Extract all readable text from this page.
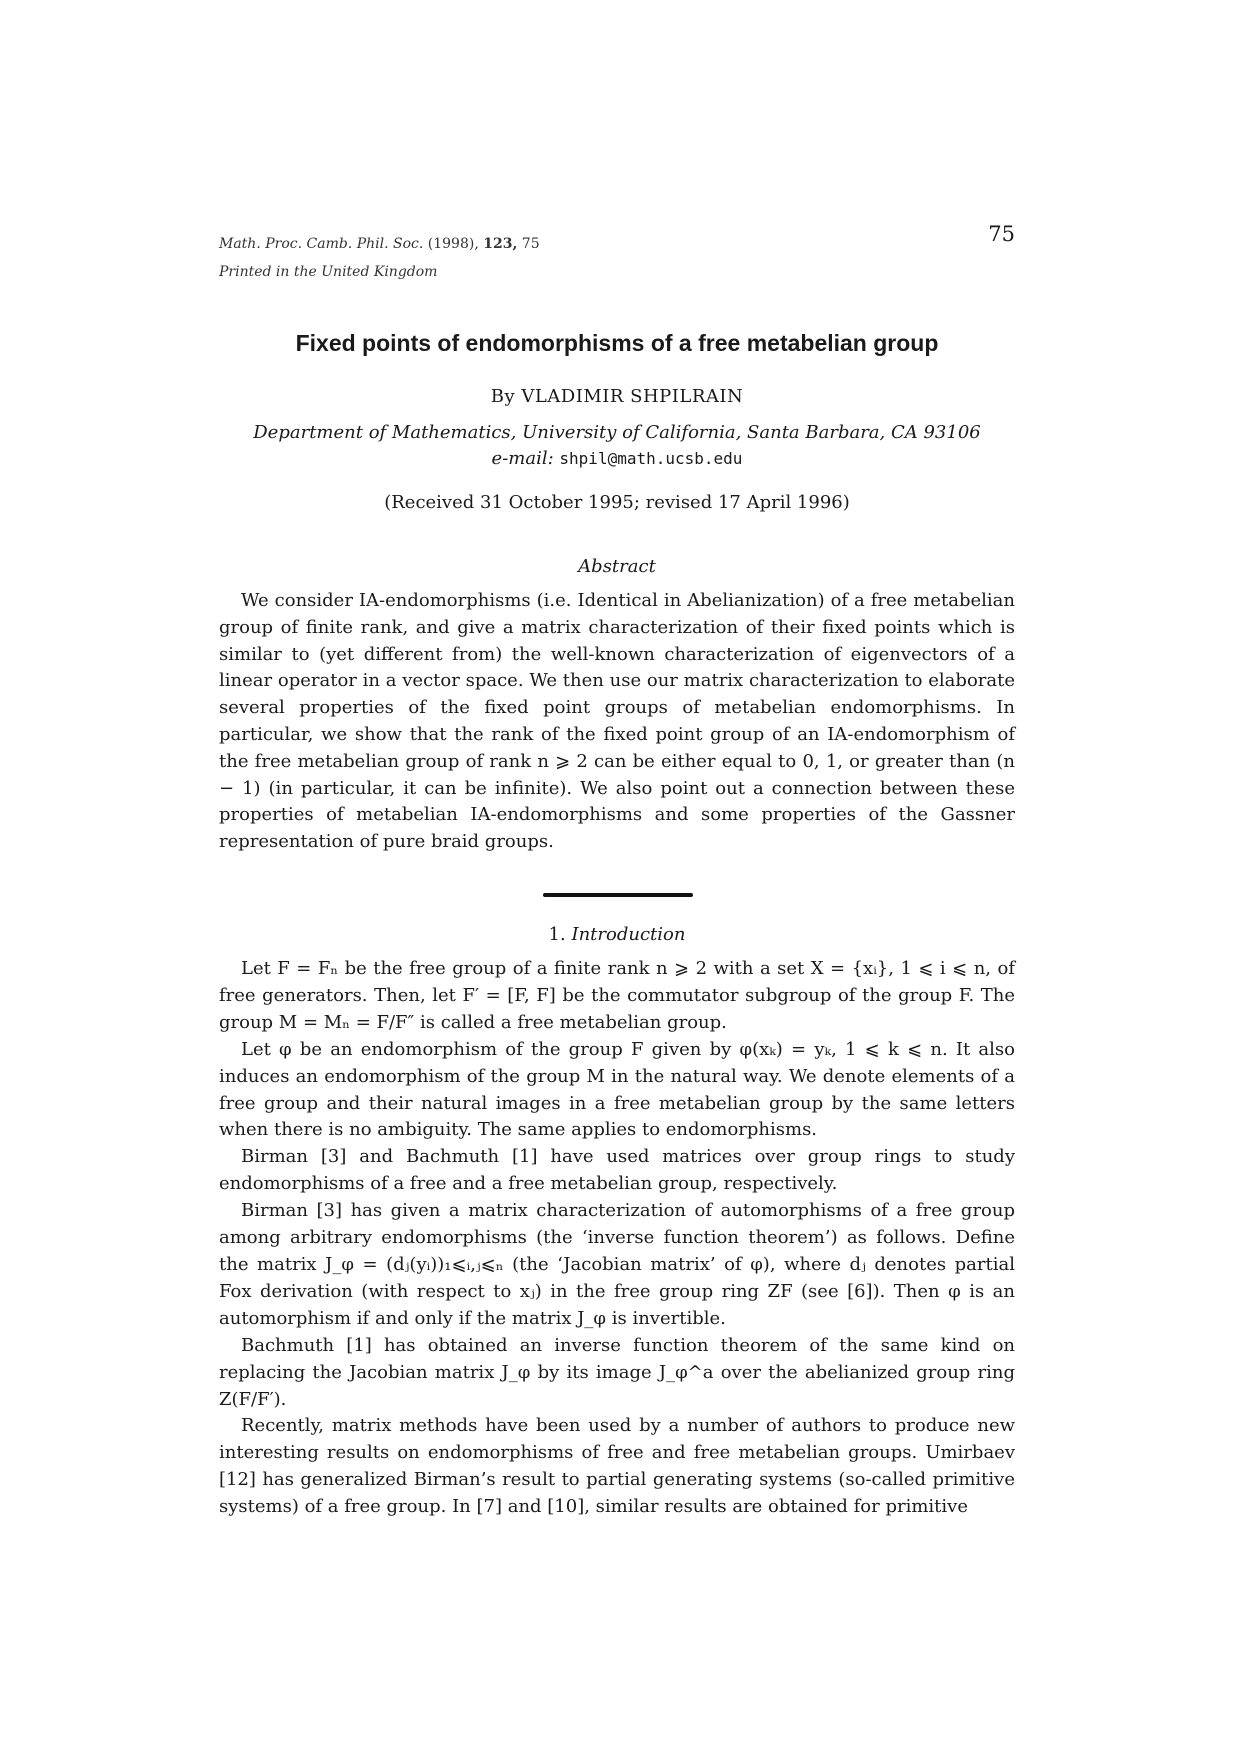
Math. Proc. Camb. Phil. Soc. (1998), 123, 75
Printed in the United Kingdom
75
Fixed points of endomorphisms of a free metabelian group
By VLADIMIR SHPILRAIN
Department of Mathematics, University of California, Santa Barbara, CA 93106
e-mail: shpil@math.ucsb.edu
(Received 31 October 1995; revised 17 April 1996)
Abstract

We consider IA-endomorphisms (i.e. Identical in Abelianization) of a free metabelian group of finite rank, and give a matrix characterization of their fixed points which is similar to (yet different from) the well-known characterization of eigenvectors of a linear operator in a vector space. We then use our matrix characterization to elaborate several properties of the fixed point groups of metabelian endomorphisms. In particular, we show that the rank of the fixed point group of an IA-endomorphism of the free metabelian group of rank n ⩾ 2 can be either equal to 0, 1, or greater than (n − 1) (in particular, it can be infinite). We also point out a connection between these properties of metabelian IA-endomorphisms and some properties of the Gassner representation of pure braid groups.

1. Introduction

Let F = Fₙ be the free group of a finite rank n ⩾ 2 with a set X = {xᵢ}, 1 ⩽ i ⩽ n, of free generators. Then, let F′ = [F, F] be the commutator subgroup of the group F. The group M = Mₙ = F/F″ is called a free metabelian group.

Let φ be an endomorphism of the group F given by φ(xₖ) = yₖ, 1 ⩽ k ⩽ n. It also induces an endomorphism of the group M in the natural way. We denote elements of a free group and their natural images in a free metabelian group by the same letters when there is no ambiguity. The same applies to endomorphisms.

Birman [3] and Bachmuth [1] have used matrices over group rings to study endomorphisms of a free and a free metabelian group, respectively.

Birman [3] has given a matrix characterization of automorphisms of a free group among arbitrary endomorphisms (the ‘inverse function theorem’) as follows. Define the matrix J_φ = (dⱼ(yᵢ))₁⩽ᵢ,ⱼ⩽ₙ (the ‘Jacobian matrix’ of φ), where dⱼ denotes partial Fox derivation (with respect to xⱼ) in the free group ring ZF (see [6]). Then φ is an automorphism if and only if the matrix J_φ is invertible.

Bachmuth [1] has obtained an inverse function theorem of the same kind on replacing the Jacobian matrix J_φ by its image J_φ^a over the abelianized group ring Z(F/F′).

Recently, matrix methods have been used by a number of authors to produce new interesting results on endomorphisms of free and free metabelian groups. Umirbaev [12] has generalized Birman’s result to partial generating systems (so-called primitive systems) of a free group. In [7] and [10], similar results are obtained for primitive
